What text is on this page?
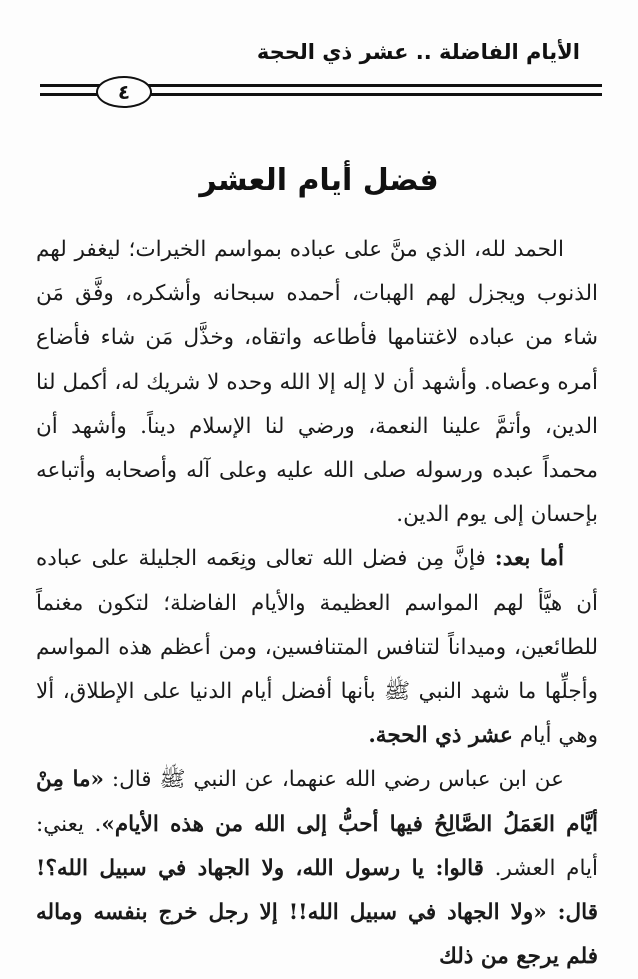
الأيام الفاضلة .. عشر ذي الحجة
٤
فضل أيام العشر

الحمد لله، الذي منَّ على عباده بمواسم الخيرات؛ ليغفر لهم الذنوب ويجزل لهم الهبات، أحمده سبحانه وأشكره، وفَّق مَن شاء من عباده لاغتنامها فأطاعه واتقاه، وخذَّل مَن شاء فأضاع أمره وعصاه. وأشهد أن لا إله إلا الله وحده لا شريك له، أكمل لنا الدين، وأتمَّ علينا النعمة، ورضي لنا الإسلام ديناً. وأشهد أن محمداً عبده ورسوله صلى الله عليه وعلى آله وأصحابه وأتباعه بإحسان إلى يوم الدين.

أما بعد: فإنَّ مِن فضل الله تعالى ونِعَمه الجليلة على عباده أن هيَّأ لهم المواسم العظيمة والأيام الفاضلة؛ لتكون مغنماً للطائعين، وميداناً لتنافس المتنافسين، ومن أعظم هذه المواسم وأجلِّها ما شهد النبي ﷺ بأنها أفضل أيام الدنيا على الإطلاق، ألا وهي أيام عشر ذي الحجة.

عن ابن عباس رضي الله عنهما، عن النبي ﷺ قال: «ما مِنْ أيَّام العَمَلُ الصَّالِحُ فيها أحبُّ إلى الله من هذه الأيام». يعني: أيام العشر. قالوا: يا رسول الله، ولا الجهاد في سبيل الله؟! قال: «ولا الجهاد في سبيل الله!! إلا رجل خرج بنفسه وماله فلم يرجع من ذلك
